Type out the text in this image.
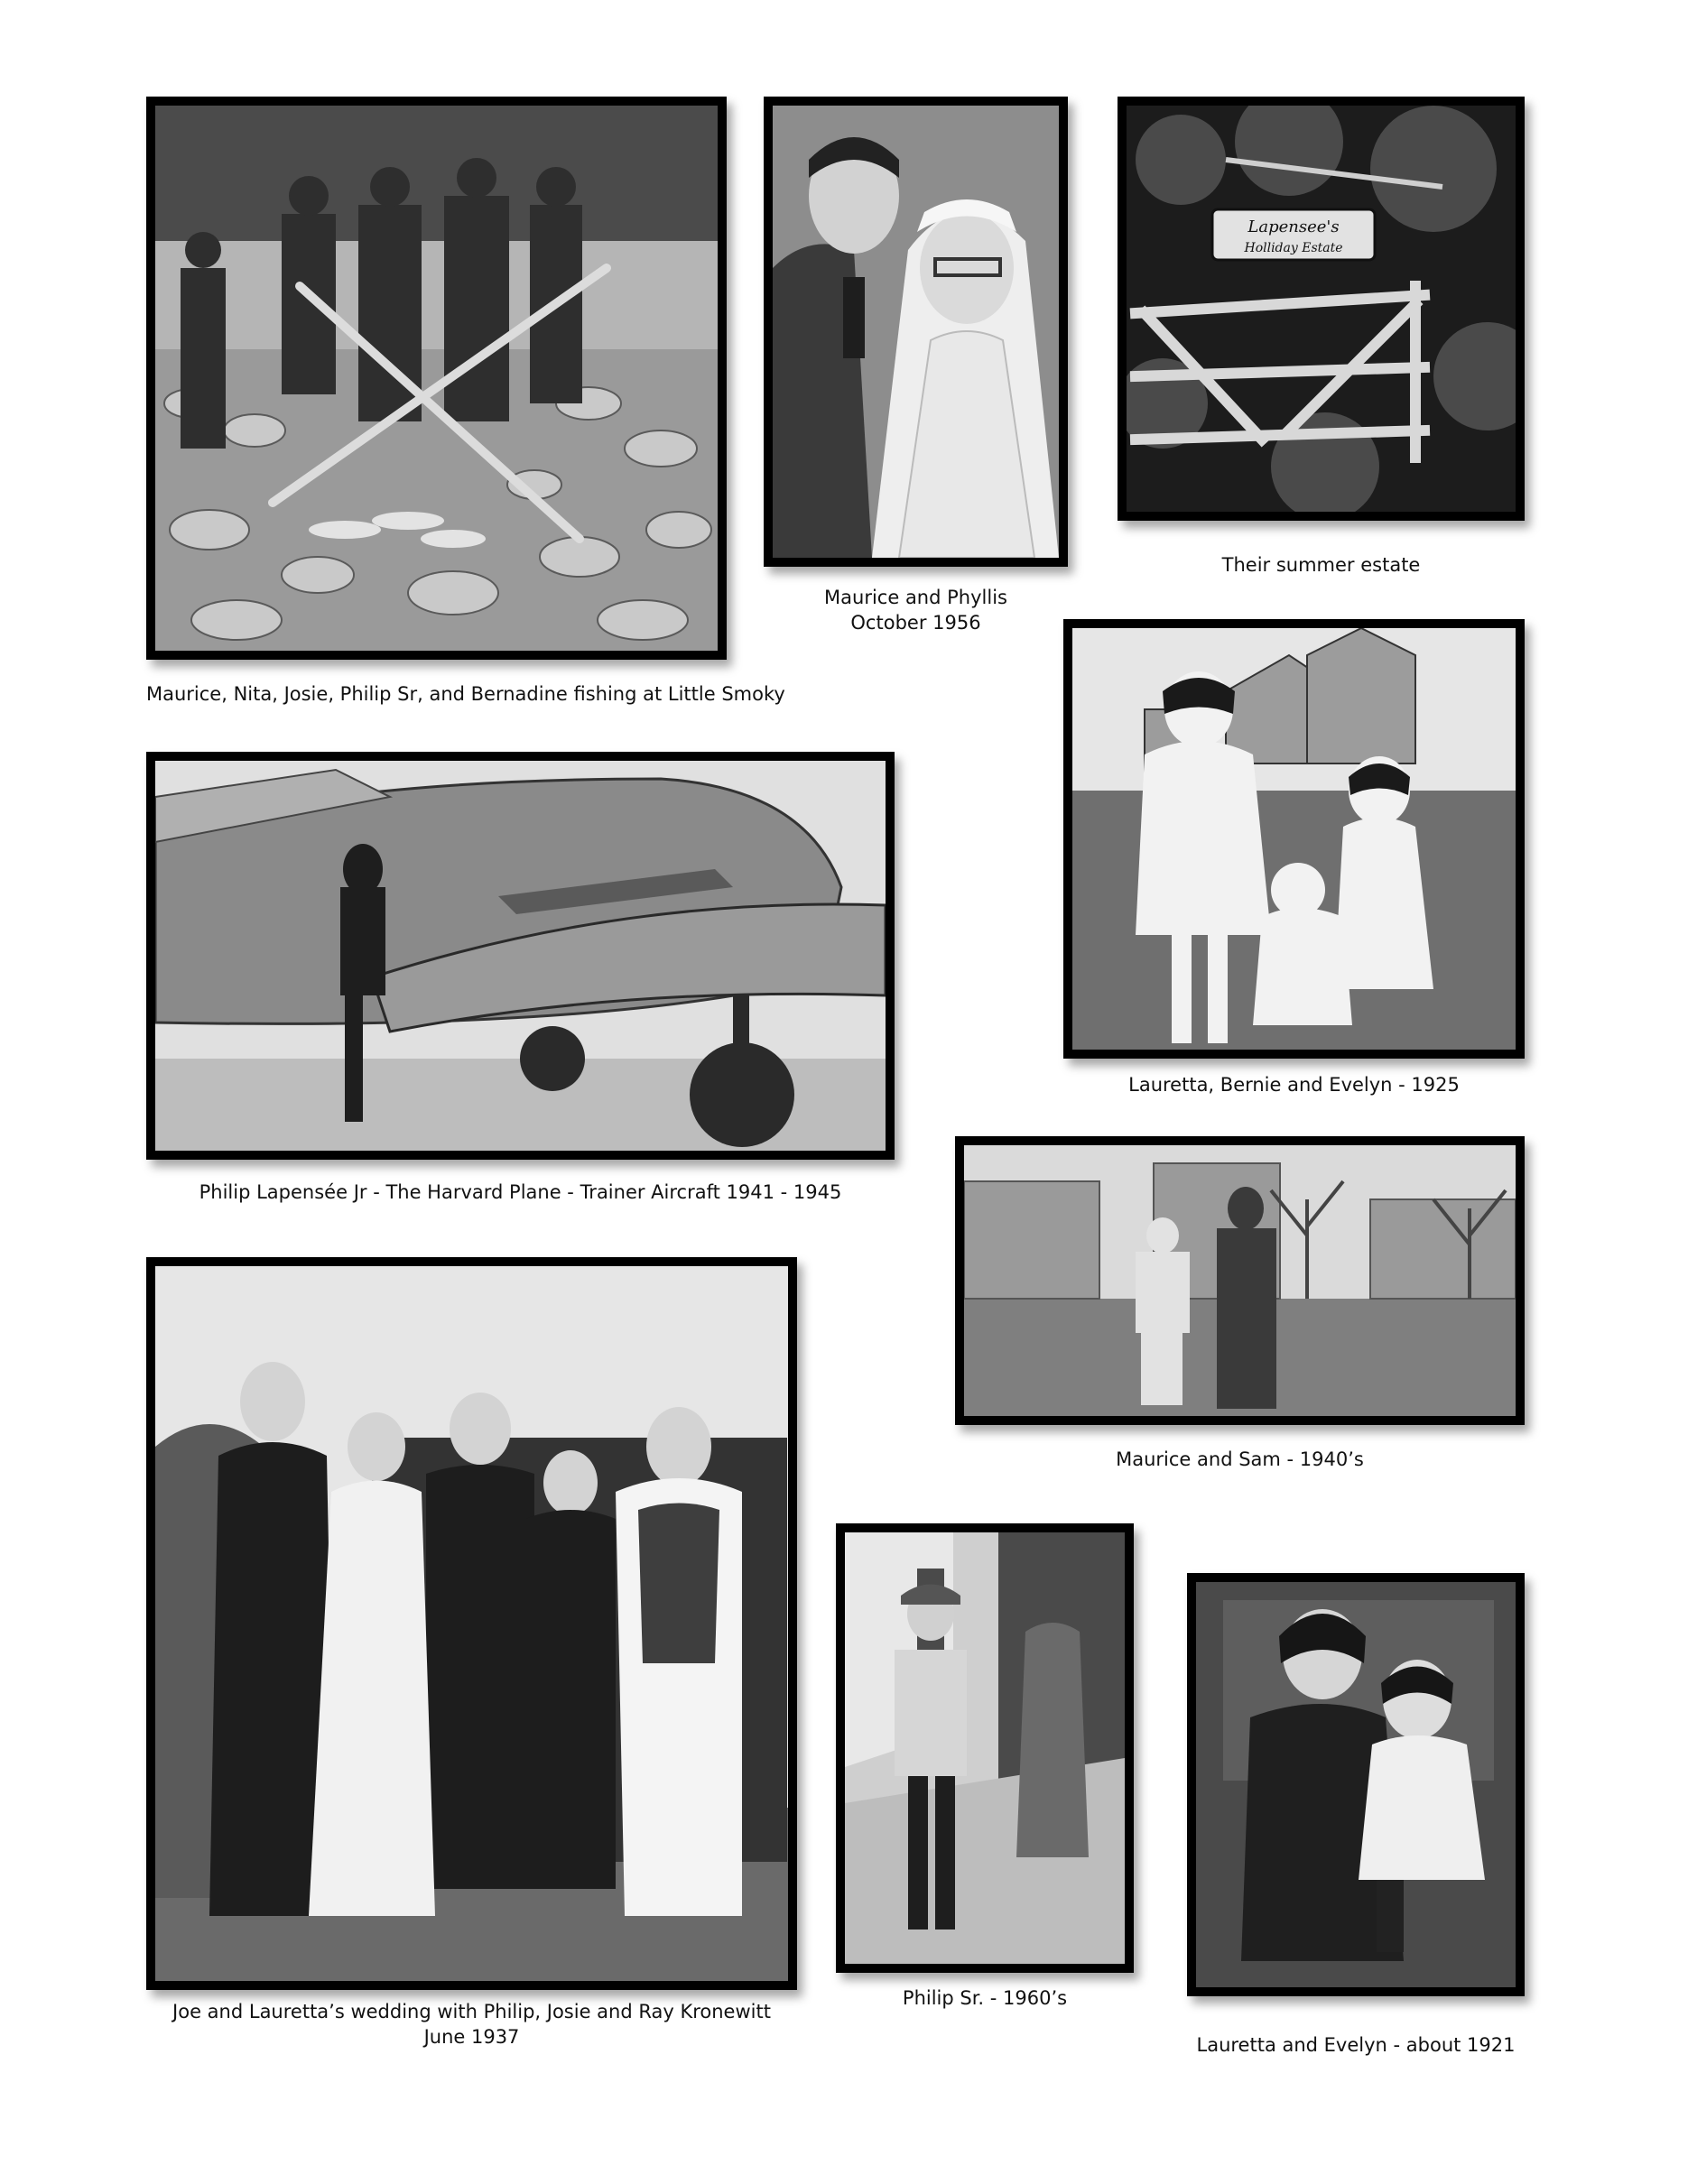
Maurice, Nita, Josie, Philip Sr, and Bernadine fishing at Little Smoky
Maurice and Phyllis
October 1956
Lapensee's
Holliday Estate
Their summer estate
Lauretta, Bernie and Evelyn - 1925
Philip Lapensée Jr - The Harvard Plane - Trainer Aircraft 1941 - 1945
Maurice and Sam - 1940’s
Joe and Lauretta’s wedding with Philip, Josie and Ray Kronewitt
June 1937
Philip Sr. - 1960’s
Lauretta and Evelyn - about 1921
